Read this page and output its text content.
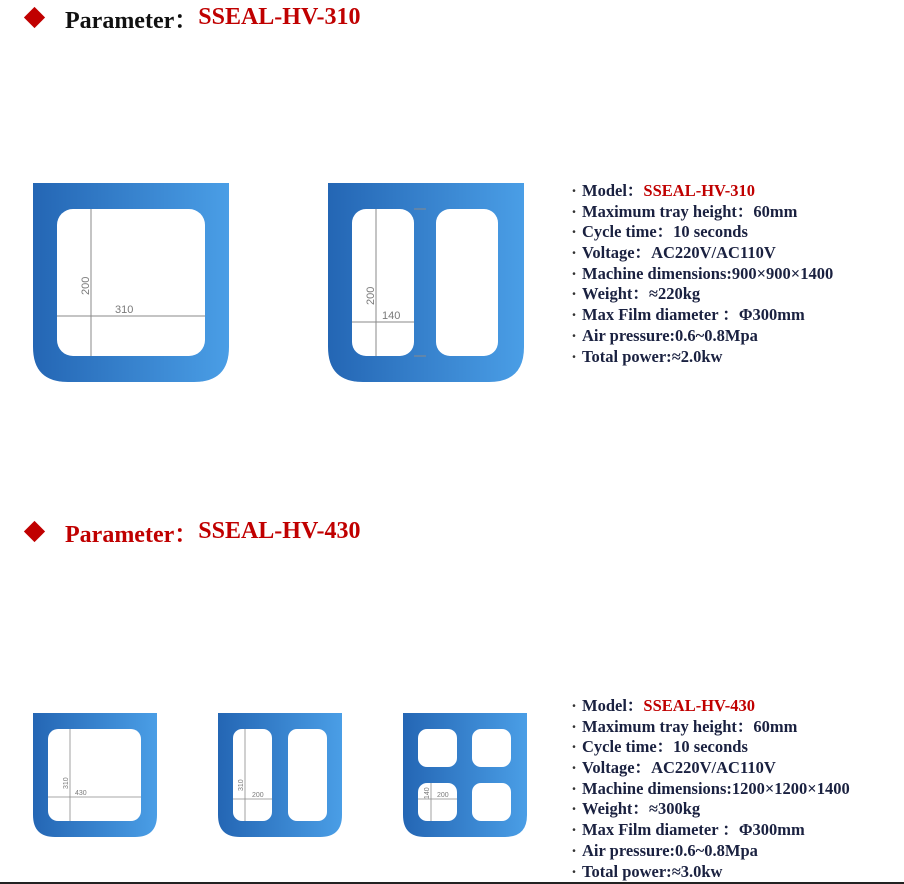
Parameter： SSEAL-HV-310
310
200
140
200
· Model：SSEAL-HV-310
· Maximum tray height：60mm
· Cycle time：10 seconds
· Voltage：AC220V/AC110V
· Machine dimensions:900×900×1400
· Weight：≈220kg
· Max Film diameter ：Φ300mm
· Air pressure:0.6~0.8Mpa
· Total power:≈2.0kw
Parameter： SSEAL-HV-430
430
310
200
310
200
140
· Model：SSEAL-HV-430
· Maximum tray height：60mm
· Cycle time：10 seconds
· Voltage：AC220V/AC110V
· Machine dimensions:1200×1200×1400
· Weight：≈300kg
· Max Film diameter ：Φ300mm
· Air pressure:0.6~0.8Mpa
· Total power:≈3.0kw
